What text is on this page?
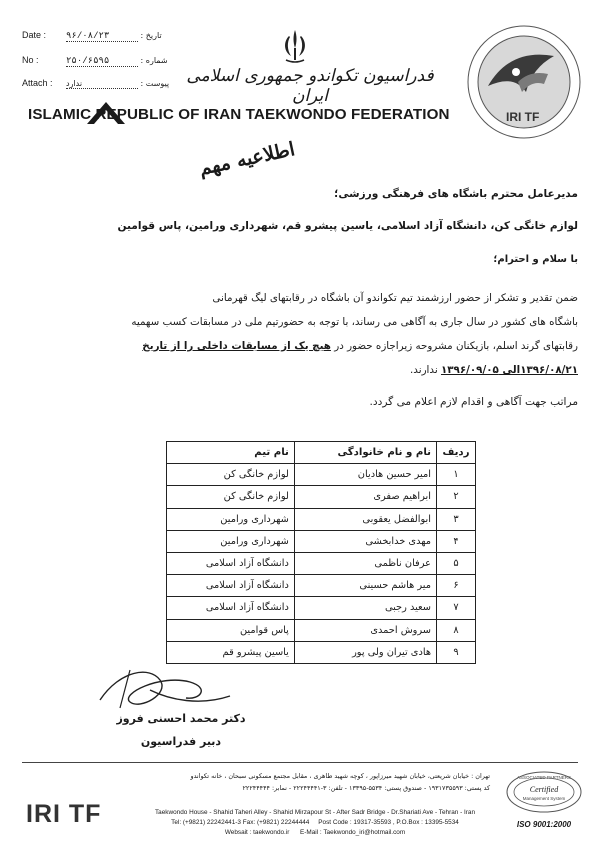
Date : ۹۶/۰۸/۲۳	: تاریخ
No :	۲۵۰/۶۵۹۵	: شماره
Attach : ندارد	: پیوست	فدراسیون تکواندو جمهوری اسلامی ایران
ISLAMIC REPUBLIC OF IRAN TAEKWONDO FEDERATION	IRI TF
اطلاعیه مهم
مدیرعامل محترم باشگاه های فرهنگی ورزشی؛
لوازم خانگی کن، دانشگاه آزاد اسلامی، یاسین پیشرو قم، شهرداری ورامین، پاس قوامین
با سلام و احترام؛
ضمن تقدیر و تشکر از حضور ارزشمند تیم تکواندو آن باشگاه در رقابتهای لیگ قهرمانی
باشگاه های کشور در سال جاری به آگاهی می رساند، با توجه به حضورتیم ملی در مسابقات کسب سهمیه
رقابتهای گرند اسلم، بازیکنان مشروحه زیراجازه حضور در هیچ یک از مسابقات داخلی را از تاریخ
۱۳۹۶/۰۸/۲۱الی ۱۳۹۶/۰۹/۰۵ ندارند.
مراتب جهت آگاهی و اقدام لازم اعلام می گردد.
ردیف	نام و نام خانوادگی	نام تیم
۱	امیر حسین هادیان	لوازم خانگی کن
۲	ابراهیم صفری	لوازم خانگی کن
۳	ابوالفضل یعقوبی	شهرداری ورامین
۴	مهدی خدابخشی	شهرداری ورامین
۵	عرفان ناظمی	دانشگاه آزاد اسلامی
۶	میر هاشم حسینی	دانشگاه آزاد اسلامی
۷	سعید رجبی	دانشگاه آزاد اسلامی
۸	سروش احمدی	پاس قوامین
۹	هادی تیران ولی پور	یاسین پیشرو قم
دکتر محمد احسنی فروز
دبیر فدراسیون
تهران : خیابان شریعتی، خیابان شهید میرزاپور ، کوچه شهید طاهری ، مقابل مجتمع مسکونی سبحان ، خانه تکواندو
کد پستی: ۱۹۳۱۷۳۵۵۹۳ - صندوق پستی: ۵۵۳۴-۱۳۳۹۵ - تلفن: ۳-۲۲۲۴۴۴۴۱ - نمابر: ۲۲۲۴۴۴۴۴
Taekwondo House - Shahid Taheri Alley - Shahid Mirzapour St - After Sadr Bridge - Dr.Shariati Ave - Tehran - Iran
Tel: (+9821) 22242441-3 Fax: (+9821) 22244444 Post Code : 19317-35593 , P.O.Box : 13395-5534
Websait : taekwondo.ir E-Mail : Taekwondo_iri@hotmail.com
IRI TF
ASSOCIATED PARTNERS
Certified
Management System
ISO 9001:2000
